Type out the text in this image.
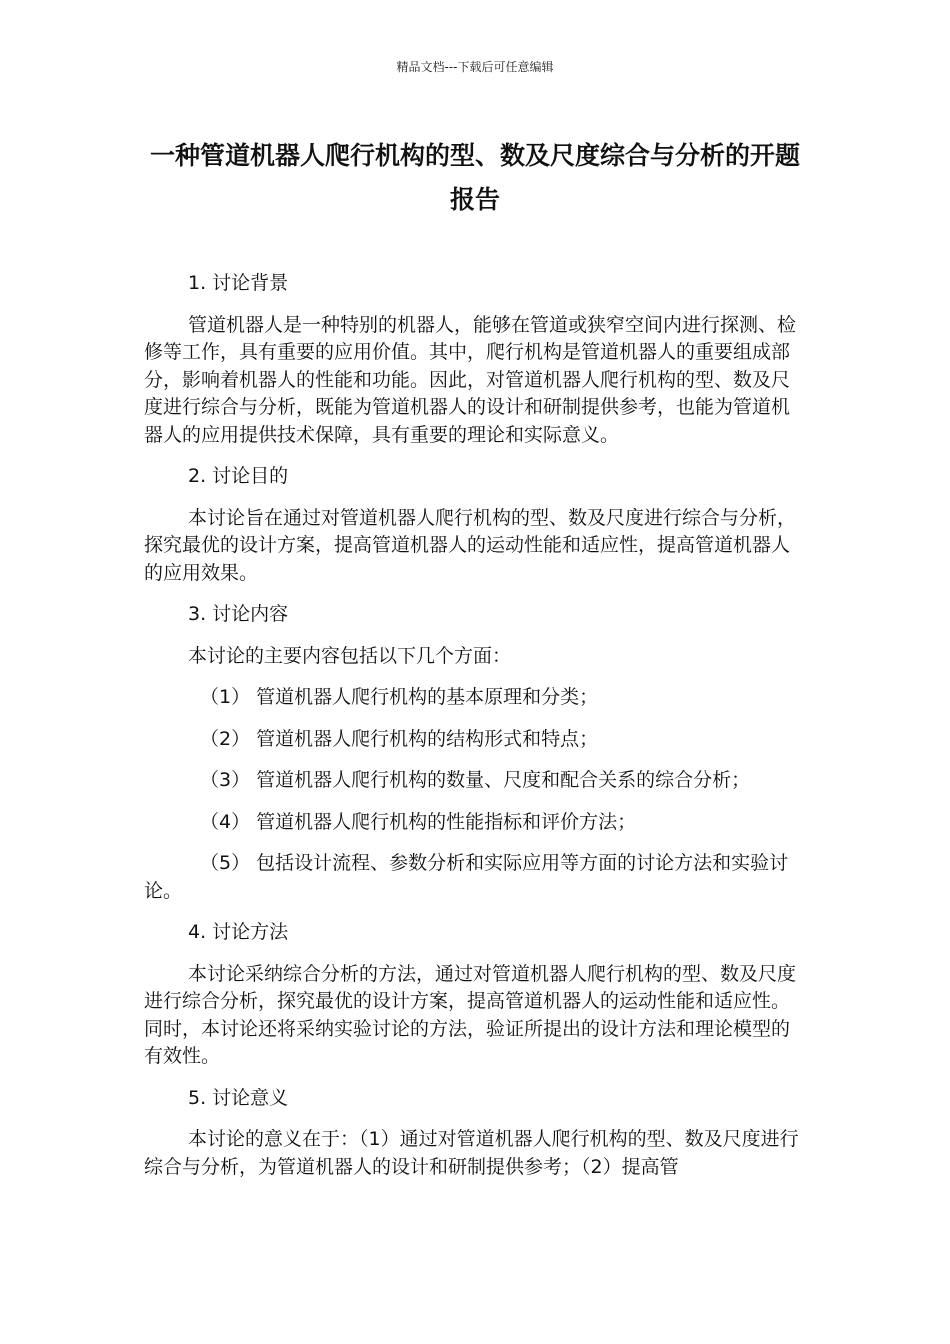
精品文档---下载后可任意编辑
一种管道机器人爬行机构的型、数及尺度综合与分析的开题报告

1. 讨论背景

管道机器人是一种特别的机器人，能够在管道或狭窄空间内进行探测、检修等工作，具有重要的应用价值。其中，爬行机构是管道机器人的重要组成部分，影响着机器人的性能和功能。因此，对管道机器人爬行机构的型、数及尺度进行综合与分析，既能为管道机器人的设计和研制提供参考，也能为管道机器人的应用提供技术保障，具有重要的理论和实际意义。

2. 讨论目的

本讨论旨在通过对管道机器人爬行机构的型、数及尺度进行综合与分析，探究最优的设计方案，提高管道机器人的运动性能和适应性，提高管道机器人的应用效果。

3. 讨论内容

本讨论的主要内容包括以下几个方面：

（1） 管道机器人爬行机构的基本原理和分类；

（2） 管道机器人爬行机构的结构形式和特点；

（3） 管道机器人爬行机构的数量、尺度和配合关系的综合分析；

（4） 管道机器人爬行机构的性能指标和评价方法；

（5） 包括设计流程、参数分析和实际应用等方面的讨论方法和实验讨论。

4. 讨论方法

本讨论采纳综合分析的方法，通过对管道机器人爬行机构的型、数及尺度进行综合分析，探究最优的设计方案，提高管道机器人的运动性能和适应性。同时，本讨论还将采纳实验讨论的方法，验证所提出的设计方法和理论模型的有效性。

5. 讨论意义

本讨论的意义在于：（1）通过对管道机器人爬行机构的型、数及尺度进行综合与分析，为管道机器人的设计和研制提供参考；（2）提高管
